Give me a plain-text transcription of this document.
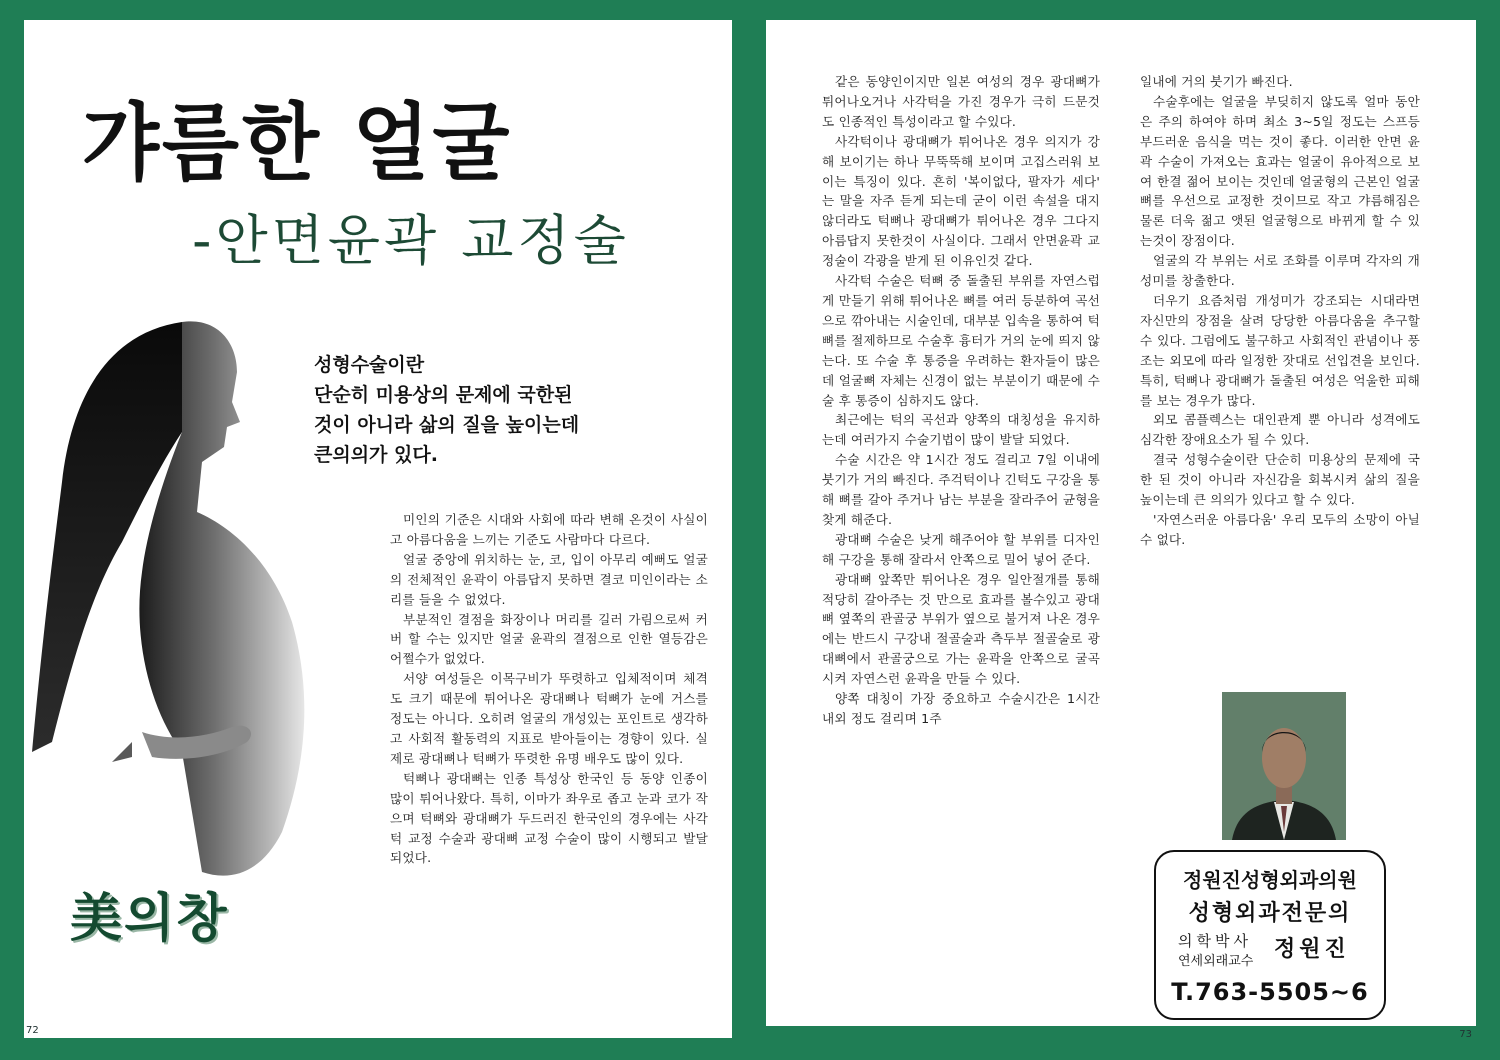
갸름한 얼굴
-안면윤곽 교정술
성형수술이란
단순히 미용상의 문제에 국한된
것이 아니라 삶의 질을 높이는데
큰의의가 있다.

미인의 기준은 시대와 사회에 따라 변해 온것이 사실이고 아름다움을 느끼는 기준도 사람마다 다르다.

얼굴 중앙에 위치하는 눈, 코, 입이 아무리 예뻐도 얼굴의 전체적인 윤곽이 아름답지 못하면 결코 미인이라는 소리를 들을 수 없었다.

부분적인 결점을 화장이나 머리를 길러 가림으로써 커버 할 수는 있지만 얼굴 윤곽의 결점으로 인한 열등감은 어쩔수가 없었다.

서양 여성들은 이목구비가 뚜렷하고 입체적이며 체격도 크기 때문에 튀어나온 광대뼈나 턱뼈가 눈에 거스를 정도는 아니다. 오히려 얼굴의 개성있는 포인트로 생각하고 사회적 활동력의 지표로 받아들이는 경향이 있다. 실제로 광대뼈나 턱뼈가 뚜렷한 유명 배우도 많이 있다.

턱뼈나 광대뼈는 인종 특성상 한국인 등 동양 인종이 많이 튀어나왔다. 특히, 이마가 좌우로 좁고 눈과 코가 작으며 턱뼈와 광대뼈가 두드러진 한국인의 경우에는 사각턱 교정 수술과 광대뼈 교정 수술이 많이 시행되고 발달 되었다.

美의창
72

같은 동양인이지만 일본 여성의 경우 광대뼈가 튀어나오거나 사각턱을 가진 경우가 극히 드문것도 인종적인 특성이라고 할 수있다.

사각턱이나 광대뼈가 튀어나온 경우 의지가 강해 보이기는 하나 무뚝뚝해 보이며 고집스러워 보이는 특징이 있다. 흔히 '복이없다, 팔자가 세다' 는 말을 자주 듣게 되는데 굳이 이런 속설을 대지 않더라도 턱뼈나 광대뼈가 튀어나온 경우 그다지 아름답지 못한것이 사실이다. 그래서 안면윤곽 교정술이 각광을 받게 된 이유인것 같다.

사각턱 수술은 턱뼈 중 돌출된 부위를 자연스럽게 만들기 위해 튀어나온 뼈를 여러 등분하여 곡선으로 깎아내는 시술인데, 대부분 입속을 통하여 턱뼈를 절제하므로 수술후 흉터가 거의 눈에 띄지 않는다. 또 수술 후 통증을 우려하는 환자들이 많은데 얼굴뼈 자체는 신경이 없는 부분이기 때문에 수술 후 통증이 심하지도 않다.

최근에는 턱의 곡선과 양쪽의 대칭성을 유지하는데 여러가지 수술기법이 많이 발달 되었다.

수술 시간은 약 1시간 정도 걸리고 7일 이내에 붓기가 거의 빠진다. 주걱턱이나 긴턱도 구강을 통해 뼈를 갈아 주거나 남는 부분을 잘라주어 균형을 찾게 해준다.

광대뼈 수술은 낮게 해주어야 할 부위를 디자인해 구강을 통해 잘라서 안쪽으로 밀어 넣어 준다.

광대뼈 앞쪽만 튀어나온 경우 일안절개를 통해 적당히 갈아주는 것 만으로 효과를 볼수있고 광대뼈 옆쪽의 관골궁 부위가 옆으로 불거져 나온 경우에는 반드시 구강내 절골술과 측두부 절골술로 광대뼈에서 관골궁으로 가는 윤곽을 안쪽으로 굴곡시켜 자연스런 윤곽을 만들 수 있다.

양쪽 대칭이 가장 중요하고 수술시간은 1시간 내외 정도 걸리며 1주

일내에 거의 붓기가 빠진다.

수술후에는 얼굴을 부딪히지 않도록 얼마 동안은 주의 하여야 하며 최소 3~5일 정도는 스프등 부드러운 음식을 먹는 것이 좋다. 이러한 안면 윤곽 수술이 가져오는 효과는 얼굴이 유아적으로 보여 한결 젊어 보이는 것인데 얼굴형의 근본인 얼굴뼈를 우선으로 교정한 것이므로 작고 갸름해짐은 물론 더욱 젊고 앳된 얼굴형으로 바뀌게 할 수 있는것이 장점이다.

얼굴의 각 부위는 서로 조화를 이루며 각자의 개성미를 창출한다.

더우기 요즘처럼 개성미가 강조되는 시대라면 자신만의 장점을 살려 당당한 아름다움을 추구할 수 있다. 그럼에도 불구하고 사회적인 관념이나 풍조는 외모에 따라 일정한 잣대로 선입견을 보인다. 특히, 턱뼈나 광대뼈가 돌출된 여성은 억울한 피해를 보는 경우가 많다.

외모 콤플렉스는 대인관계 뿐 아니라 성격에도 심각한 장애요소가 될 수 있다.

결국 성형수술이란 단순히 미용상의 문제에 국한 된 것이 아니라 자신감을 회복시켜 삶의 질을 높이는데 큰 의의가 있다고 할 수 있다.

'자연스러운 아름다움' 우리 모두의 소망이 아닐수 없다.

정원진성형외과의원
성형외과전문의
의학박사
연세외래교수 정원진
T.763-5505~6
73
